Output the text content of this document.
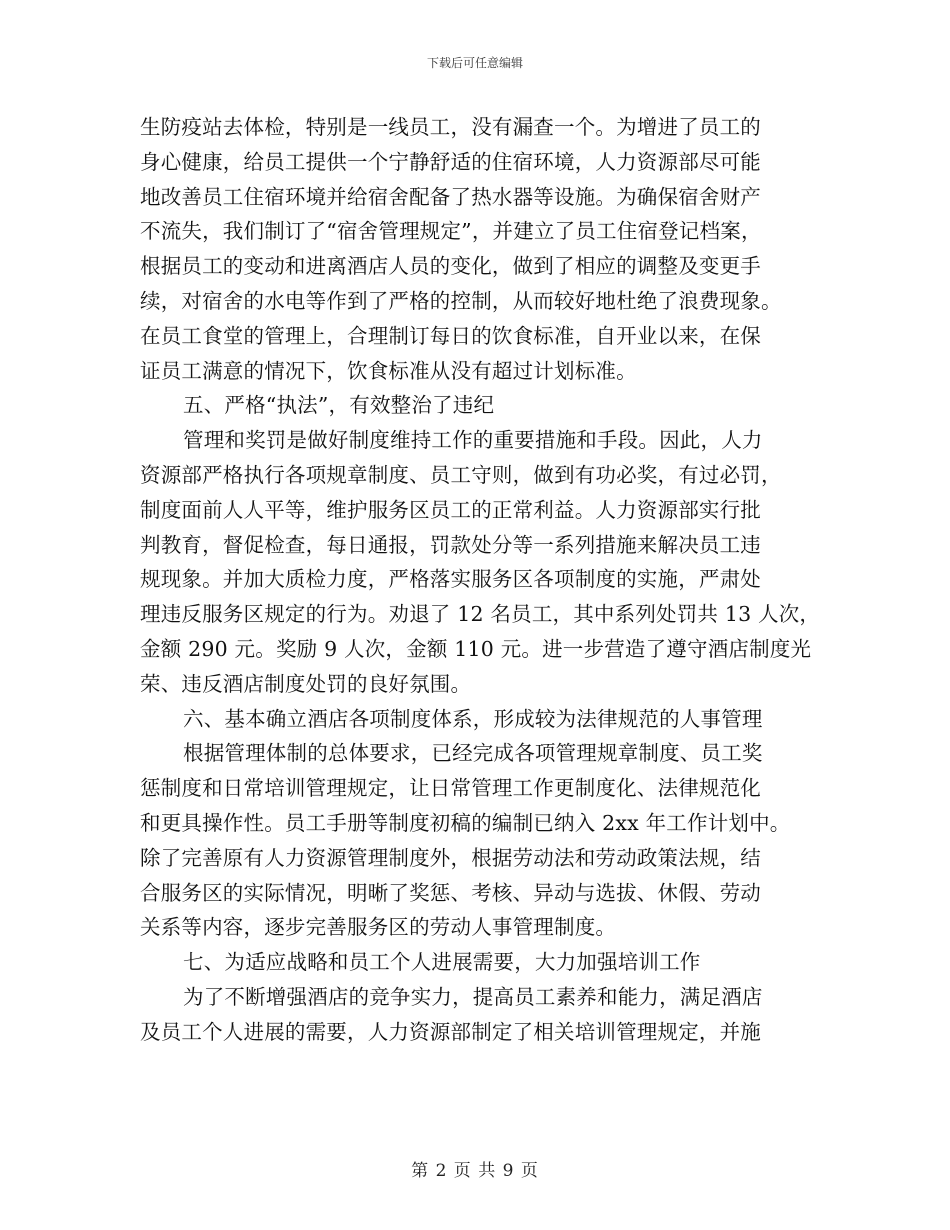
下载后可任意编辑
生防疫站去体检，特别是一线员工，没有漏查一个。为增进了员工的
身心健康，给员工提供一个宁静舒适的住宿环境，人力资源部尽可能
地改善员工住宿环境并给宿舍配备了热水器等设施。为确保宿舍财产
不流失，我们制订了“宿舍管理规定”，并建立了员工住宿登记档案，
根据员工的变动和进离酒店人员的变化，做到了相应的调整及变更手
续，对宿舍的水电等作到了严格的控制，从而较好地杜绝了浪费现象。
在员工食堂的管理上，合理制订每日的饮食标准，自开业以来，在保
证员工满意的情况下，饮食标准从没有超过计划标准。
五、严格“执法”，有效整治了违纪
管理和奖罚是做好制度维持工作的重要措施和手段。因此，人力
资源部严格执行各项规章制度、员工守则，做到有功必奖，有过必罚，
制度面前人人平等，维护服务区员工的正常利益。人力资源部实行批
判教育，督促检查，每日通报，罚款处分等一系列措施来解决员工违
规现象。并加大质检力度，严格落实服务区各项制度的实施，严肃处
理违反服务区规定的行为。劝退了 12 名员工，其中系列处罚共 13 人次，
金额 290 元。奖励 9 人次，金额 110 元。进一步营造了遵守酒店制度光
荣、违反酒店制度处罚的良好氛围。
六、基本确立酒店各项制度体系，形成较为法律规范的人事管理
根据管理体制的总体要求，已经完成各项管理规章制度、员工奖
惩制度和日常培训管理规定，让日常管理工作更制度化、法律规范化
和更具操作性。员工手册等制度初稿的编制已纳入 2xx 年工作计划中。
除了完善原有人力资源管理制度外，根据劳动法和劳动政策法规，结
合服务区的实际情况，明晰了奖惩、考核、异动与选拔、休假、劳动
关系等内容，逐步完善服务区的劳动人事管理制度。
七、为适应战略和员工个人进展需要，大力加强培训工作
为了不断增强酒店的竞争实力，提高员工素养和能力，满足酒店
及员工个人进展的需要，人力资源部制定了相关培训管理规定，并施
第 2 页 共 9 页
